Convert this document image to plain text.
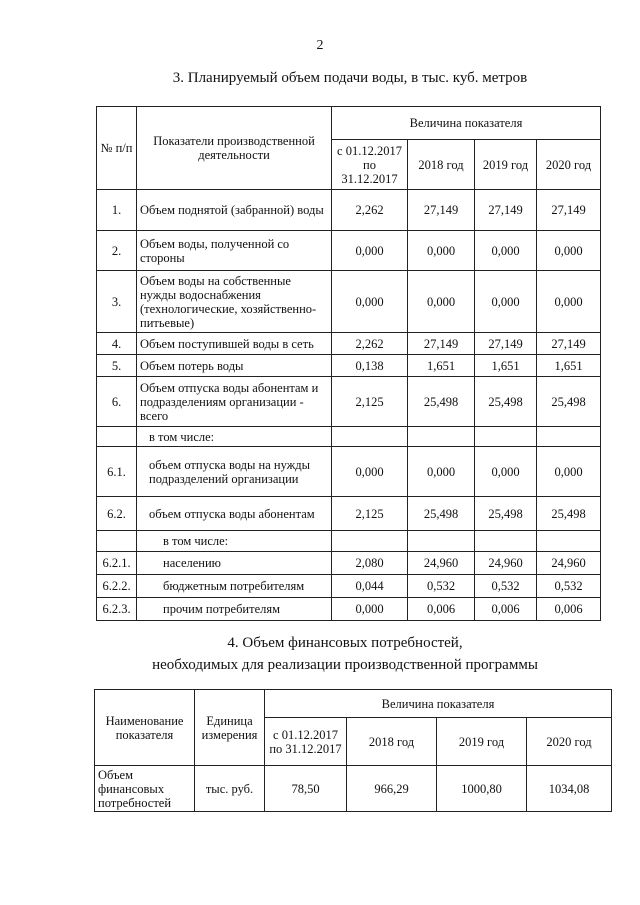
2
3. Планируемый объем подачи воды, в тыс. куб. метров
№ п/п	Показатели производственной деятельности	Величина показателя			
		с 01.12.2017 по 31.12.2017	2018 год	2019 год	2020 год
1.	Объем поднятой (забранной) воды	2,262	27,149	27,149	27,149
2.	Объем воды, полученной со стороны	0,000	0,000	0,000	0,000
3.	Объем воды на собственные нужды водоснабжения (технологические, хозяйственно-питьевые)	0,000	0,000	0,000	0,000
4.	Объем поступившей воды в сеть	2,262	27,149	27,149	27,149
5.	Объем потерь воды	0,138	1,651	1,651	1,651
6.	Объем отпуска воды абонентам и подразделениям организации - всего	2,125	25,498	25,498	25,498
	в том числе:				
6.1.	объем отпуска воды на нужды подразделений организации	0,000	0,000	0,000	0,000
6.2.	объем отпуска воды абонентам	2,125	25,498	25,498	25,498
	в том числе:				
6.2.1.	населению	2,080	24,960	24,960	24,960
6.2.2.	бюджетным потребителям	0,044	0,532	0,532	0,532
6.2.3.	прочим потребителям	0,000	0,006	0,006	0,006
4. Объем финансовых потребностей,
необходимых для реализации производственной программы
Наименование показателя	Единица измерения	Величина показателя			
		с 01.12.2017 по 31.12.2017	2018 год	2019 год	2020 год
Объем финансовых потребностей	тыс. руб.	78,50	966,29	1000,80	1034,08
